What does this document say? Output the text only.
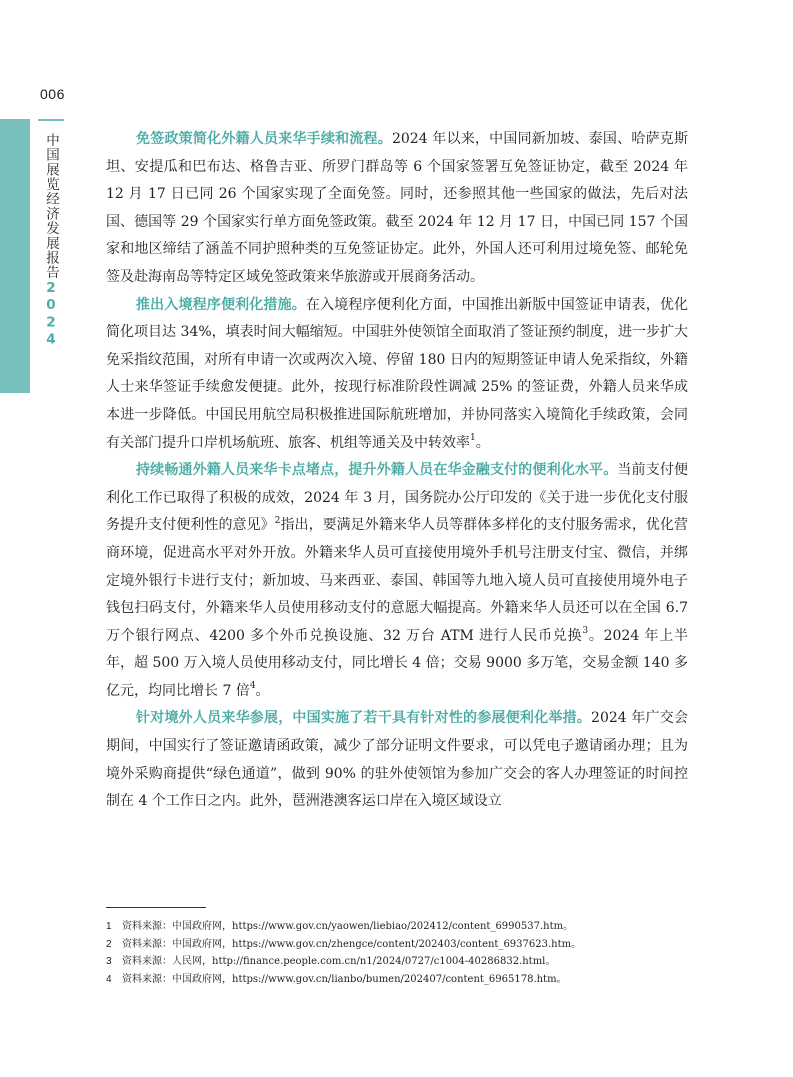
006
中国展览经济发展报告2024

免签政策简化外籍人员来华手续和流程。2024 年以来，中国同新加坡、泰国、哈萨克斯坦、安提瓜和巴布达、格鲁吉亚、所罗门群岛等 6 个国家签署互免签证协定，截至 2024 年 12 月 17 日已同 26 个国家实现了全面免签。同时，还参照其他一些国家的做法，先后对法国、德国等 29 个国家实行单方面免签政策。截至 2024 年 12 月 17 日，中国已同 157 个国家和地区缔结了涵盖不同护照种类的互免签证协定。此外，外国人还可利用过境免签、邮轮免签及赴海南岛等特定区域免签政策来华旅游或开展商务活动。

推出入境程序便利化措施。在入境程序便利化方面，中国推出新版中国签证申请表，优化简化项目达 34%，填表时间大幅缩短。中国驻外使领馆全面取消了签证预约制度，进一步扩大免采指纹范围，对所有申请一次或两次入境、停留 180 日内的短期签证申请人免采指纹，外籍人士来华签证手续愈发便捷。此外，按现行标准阶段性调减 25% 的签证费，外籍人员来华成本进一步降低。中国民用航空局积极推进国际航班增加，并协同落实入境简化手续政策，会同有关部门提升口岸机场航班、旅客、机组等通关及中转效率$^1$。

持续畅通外籍人员来华卡点堵点，提升外籍人员在华金融支付的便利化水平。当前支付便利化工作已取得了积极的成效，2024 年 3 月，国务院办公厅印发的《关于进一步优化支付服务提升支付便利性的意见》$^2$指出，要满足外籍来华人员等群体多样化的支付服务需求，优化营商环境，促进高水平对外开放。外籍来华人员可直接使用境外手机号注册支付宝、微信，并绑定境外银行卡进行支付；新加坡、马来西亚、泰国、韩国等九地入境人员可直接使用境外电子钱包扫码支付，外籍来华人员使用移动支付的意愿大幅提高。外籍来华人员还可以在全国 6.7 万个银行网点、4200 多个外币兑换设施、32 万台 ATM 进行人民币兑换$^3$。2024 年上半年，超 500 万入境人员使用移动支付，同比增长 4 倍；交易 9000 多万笔，交易金额 140 多亿元，均同比增长 7 倍$^4$。

针对境外人员来华参展，中国实施了若干具有针对性的参展便利化举措。2024 年广交会期间，中国实行了签证邀请函政策，减少了部分证明文件要求，可以凭电子邀请函办理；且为境外采购商提供“绿色通道”，做到 90% 的驻外使领馆为参加广交会的客人办理签证的时间控制在 4 个工作日之内。此外，琶洲港澳客运口岸在入境区域设立

1 资料来源：中国政府网，https://www.gov.cn/yaowen/liebiao/202412/content_6990537.htm。
2 资料来源：中国政府网，https://www.gov.cn/zhengce/content/202403/content_6937623.htm。
3 资料来源：人民网，http://finance.people.com.cn/n1/2024/0727/c1004-40286832.html。
4 资料来源：中国政府网，https://www.gov.cn/lianbo/bumen/202407/content_6965178.htm。
